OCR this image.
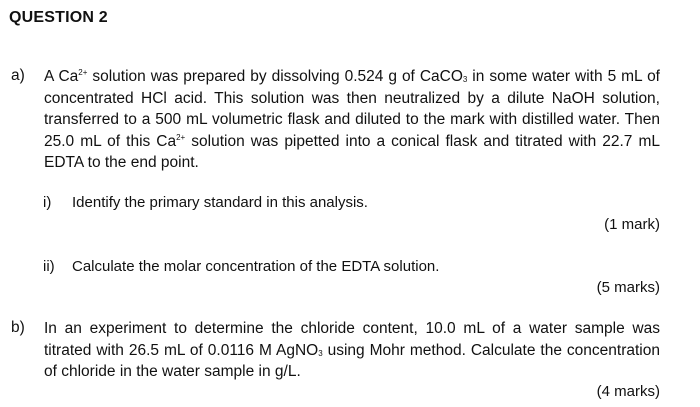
QUESTION 2
a) A $Ca^{2+}$ solution was prepared by dissolving 0.524 g of CaCO$_3$ in some water with 5 mL of concentrated HCl acid. This solution was then neutralized by a dilute NaOH solution, transferred to a 500 mL volumetric flask and diluted to the mark with distilled water. Then 25.0 mL of this $Ca^{2+}$ solution was pipetted into a conical flask and titrated with 22.7 mL EDTA to the end point.
i) Identify the primary standard in this analysis.
(1 mark)
ii) Calculate the molar concentration of the EDTA solution.
(5 marks)
b) In an experiment to determine the chloride content, 10.0 mL of a water sample was titrated with 26.5 mL of 0.0116 M AgNO$_3$ using Mohr method. Calculate the concentration of chloride in the water sample in g/L.
(4 marks)
